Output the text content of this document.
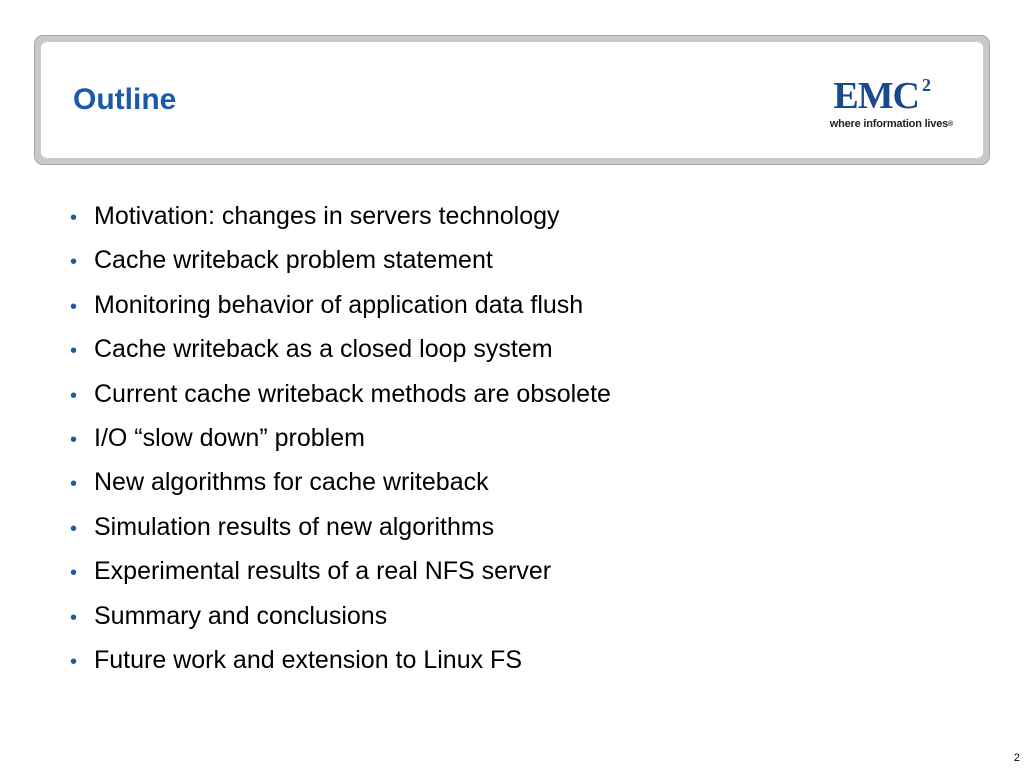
Outline	EMC 2
where information lives®
• Motivation: changes in servers technology
• Cache writeback problem statement
• Monitoring behavior of application data flush
• Cache writeback as a closed loop system
• Current cache writeback methods are obsolete
• I/O “slow down” problem
• New algorithms for cache writeback
• Simulation results of new algorithms
• Experimental results of a real NFS server
• Summary and conclusions
• Future work and extension to Linux FS
2
